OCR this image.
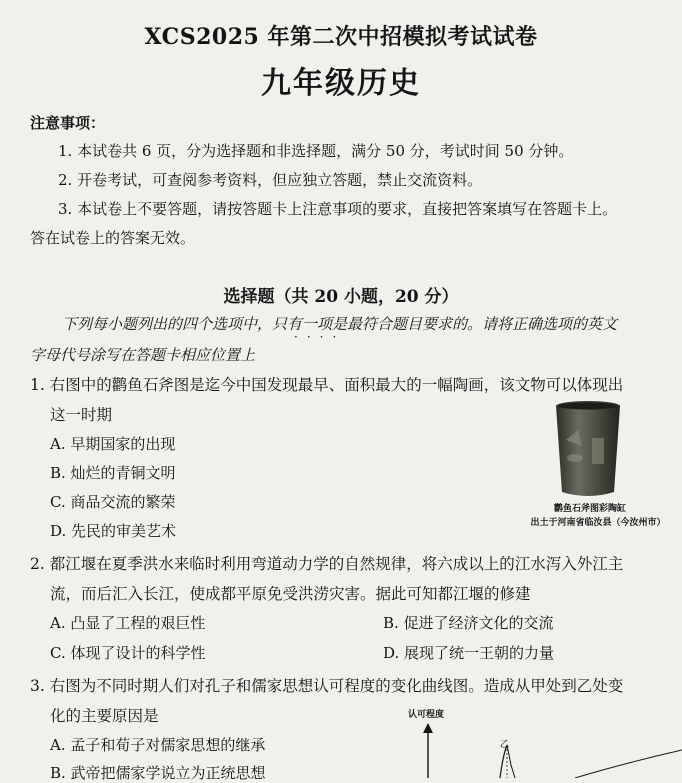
XCS2025 年第二次中招模拟考试试卷
九年级历史
注意事项：
1. 本试卷共 6 页，分为选择题和非选择题，满分 50 分，考试时间 50 分钟。
2. 开卷考试，可查阅参考资料，但应独立答题，禁止交流资料。
3. 本试卷上不要答题，请按答题卡上注意事项的要求，直接把答案填写在答题卡上。
答在试卷上的答案无效。
选择题（共 20 小题，20 分）
下列每小题列出的四个选项中，只有一项是最符合题目要求的。请将正确选项的英文
····
字母代号涂写在答题卡相应位置上
1. 右图中的鹳鱼石斧图是迄今中国发现最早、面积最大的一幅陶画，该文物可以体现出
这一时期
A. 早期国家的出现
B. 灿烂的青铜文明
C. 商品交流的繁荣
D. 先民的审美艺术
鹳鱼石斧图彩陶缸
出土于河南省临汝县（今汝州市）
2. 都江堰在夏季洪水来临时利用弯道动力学的自然规律，将六成以上的江水泻入外江主
流，而后汇入长江，使成都平原免受洪涝灾害。据此可知都江堰的修建
A. 凸显了工程的艰巨性	B. 促进了经济文化的交流
C. 体现了设计的科学性	D. 展现了统一王朝的力量
3. 右图为不同时期人们对孔子和儒家思想认可程度的变化曲线图。造成从甲处到乙处变
化的主要原因是
A. 孟子和荀子对儒家思想的继承
B. 武帝把儒家学说立为正统思想
认可程度
乙
